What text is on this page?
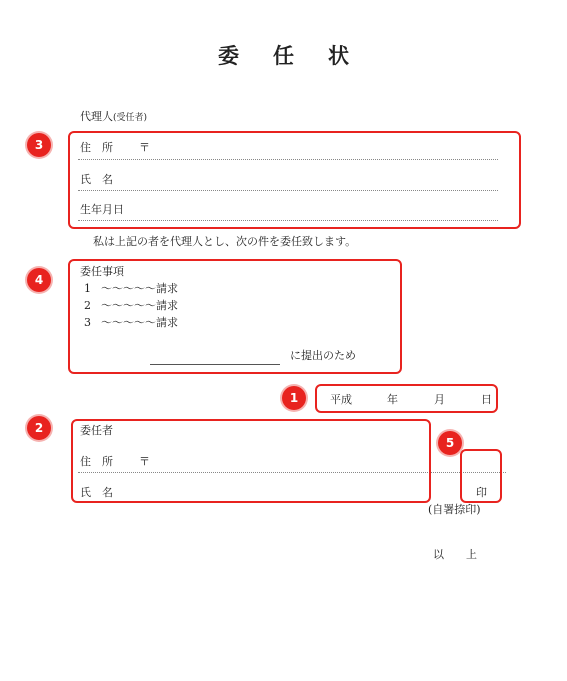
委 任 状
代理人(受任者)
住　所 〒
氏　名
生年月日
私は上記の者を代理人とし、次の件を委任致します。
委任事項
1 〜〜〜〜〜請求
2 〜〜〜〜〜請求
3 〜〜〜〜〜請求
に提出のため
平成	年	月	日
委任者
住　所 〒
氏　名	印
(自署捺印)
以　　上
1
2
3
4
5
